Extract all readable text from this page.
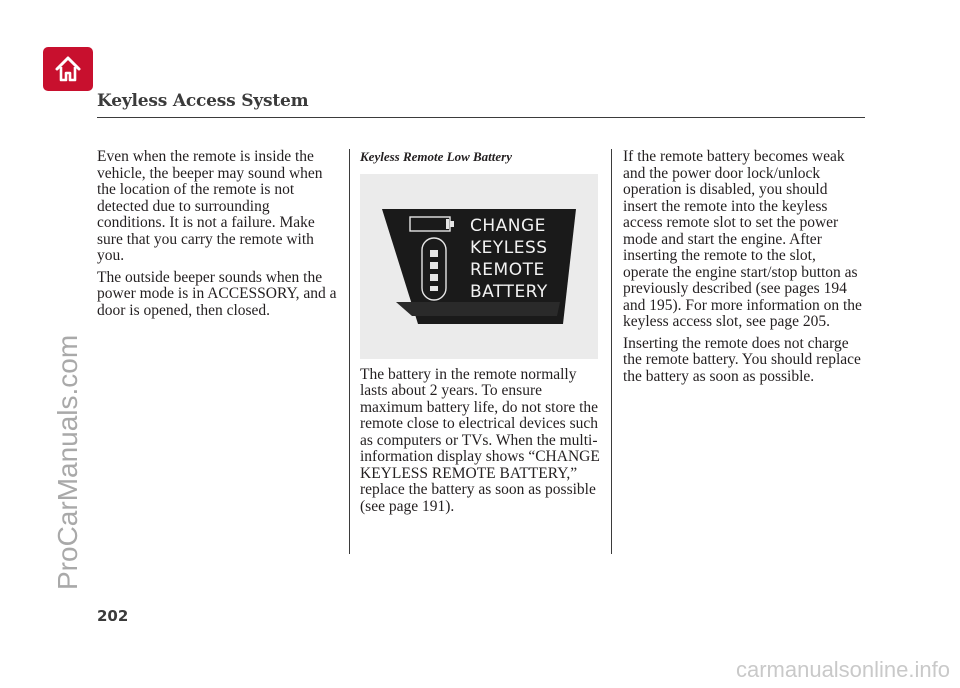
Keyless Access System

Even when the remote is inside the vehicle, the beeper may sound when the location of the remote is not detected due to surrounding conditions. It is not a failure. Make sure that you carry the remote with you.

The outside beeper sounds when the power mode is in ACCESSORY, and a door is opened, then closed.

Keyless Remote Low Battery

CHANGE
KEYLESS
REMOTE
BATTERY

The battery in the remote normally lasts about 2 years. To ensure maximum battery life, do not store the remote close to electrical devices such as computers or TVs. When the multi-information display shows “CHANGE KEYLESS REMOTE BATTERY,” replace the battery as soon as possible (see page 191).

If the remote battery becomes weak and the power door lock/unlock operation is disabled, you should insert the remote into the keyless access remote slot to set the power mode and start the engine. After inserting the remote to the slot, operate the engine start/stop button as previously described (see pages 194 and 195). For more information on the keyless access slot, see page 205.

Inserting the remote does not charge the remote battery. You should replace the battery as soon as possible.

202
ProCarManuals.com
carmanualsonline.info
